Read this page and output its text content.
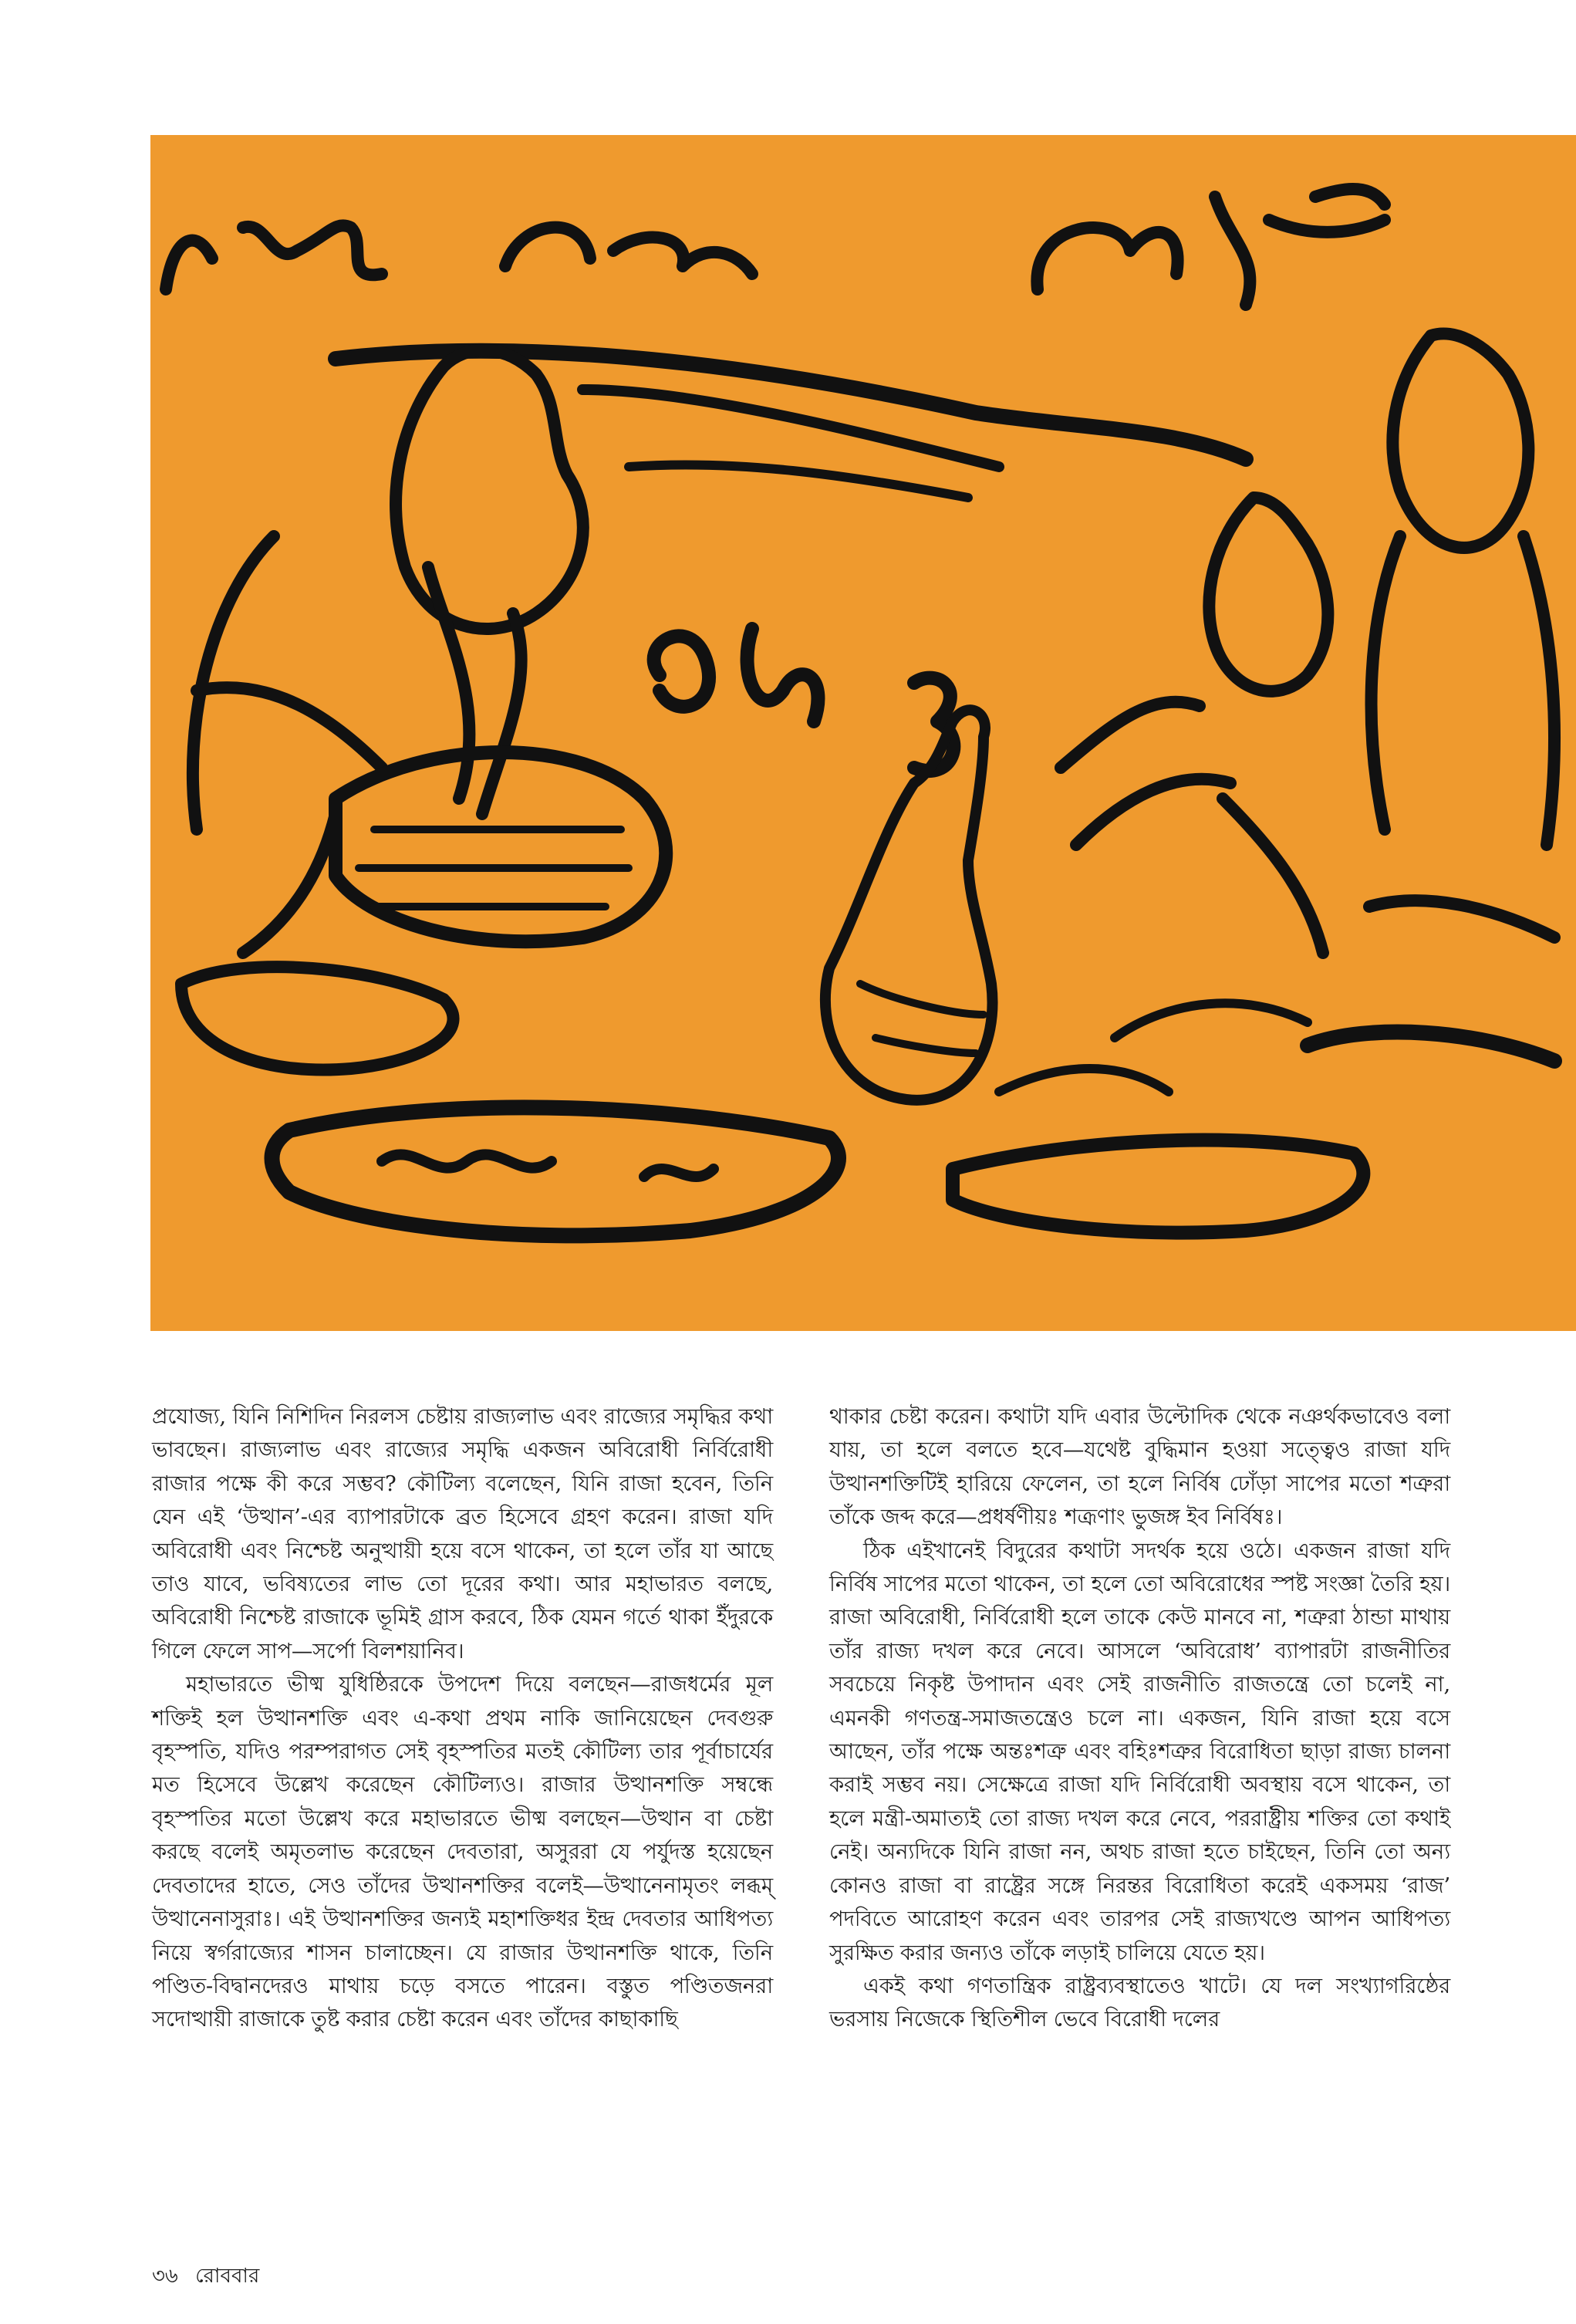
প্রযোজ্য, যিনি নিশিদিন নিরলস চেষ্টায় রাজ্যলাভ এবং রাজ্যের সমৃদ্ধির কথা ভাবছেন। রাজ্যলাভ এবং রাজ্যের সমৃদ্ধি একজন অবিরোধী নির্বিরোধী রাজার পক্ষে কী করে সম্ভব? কৌটিল্য বলেছেন, যিনি রাজা হবেন, তিনি যেন এই ‘উত্থান’-এর ব্যাপারটাকে ব্রত হিসেবে গ্রহণ করেন। রাজা যদি অবিরোধী এবং নিশ্চেষ্ট অনুত্থায়ী হয়ে বসে থাকেন, তা হলে তাঁর যা আছে তাও যাবে, ভবিষ্যতের লাভ তো দূরের কথা। আর মহাভারত বলছে, অবিরোধী নিশ্চেষ্ট রাজাকে ভূমিই গ্রাস করবে, ঠিক যেমন গর্তে থাকা ইঁদুরকে গিলে ফেলে সাপ—সর্পো বিলশয়ানিব।

মহাভারতে ভীষ্ম যুধিষ্ঠিরকে উপদেশ দিয়ে বলছেন—রাজধর্মের মূল শক্তিই হল উত্থানশক্তি এবং এ-কথা প্রথম নাকি জানিয়েছেন দেবগুরু বৃহস্পতি, যদিও পরম্পরাগত সেই বৃহস্পতির মতই কৌটিল্য তার পূর্বাচার্যের মত হিসেবে উল্লেখ করেছেন কৌটিল্যও। রাজার উত্থানশক্তি সম্বন্ধে বৃহস্পতির মতো উল্লেখ করে মহাভারতে ভীষ্ম বলছেন—উত্থান বা চেষ্টা করছে বলেই অমৃতলাভ করেছেন দেবতারা, অসুররা যে পর্যুদস্ত হয়েছেন দেবতাদের হাতে, সেও তাঁদের উত্থানশক্তির বলেই—উত্থানেনামৃতং লব্ধম্ উত্থানেনাসুরাঃ। এই উত্থানশক্তির জন্যই মহাশক্তিধর ইন্দ্র দেবতার আধিপত্য নিয়ে স্বর্গরাজ্যের শাসন চালাচ্ছেন। যে রাজার উত্থানশক্তি থাকে, তিনি পণ্ডিত-বিদ্বানদেরও মাথায় চড়ে বসতে পারেন। বস্তুত পণ্ডিতজনরা সদোত্থায়ী রাজাকে তুষ্ট করার চেষ্টা করেন এবং তাঁদের কাছাকাছি

থাকার চেষ্টা করেন। কথাটা যদি এবার উল্টোদিক থেকে নঞর্থকভাবেও বলা যায়, তা হলে বলতে হবে—যথেষ্ট বুদ্ধিমান হওয়া সত্ত্বেও রাজা যদি উত্থানশক্তিটিই হারিয়ে ফেলেন, তা হলে নির্বিষ ঢোঁড়া সাপের মতো শত্রুরা তাঁকে জব্দ করে—প্রধর্ষণীয়ঃ শত্রূণাং ভুজঙ্গ ইব নির্বিষঃ।

ঠিক এইখানেই বিদুরের কথাটা সদর্থক হয়ে ওঠে। একজন রাজা যদি নির্বিষ সাপের মতো থাকেন, তা হলে তো অবিরোধের স্পষ্ট সংজ্ঞা তৈরি হয়। রাজা অবিরোধী, নির্বিরোধী হলে তাকে কেউ মানবে না, শত্রুরা ঠান্ডা মাথায় তাঁর রাজ্য দখল করে নেবে। আসলে ‘অবিরোধ’ ব্যাপারটা রাজনীতির সবচেয়ে নিকৃষ্ট উপাদান এবং সেই রাজনীতি রাজতন্ত্রে তো চলেই না, এমনকী গণতন্ত্র-সমাজতন্ত্রেও চলে না। একজন, যিনি রাজা হয়ে বসে আছেন, তাঁর পক্ষে অন্তঃশত্রু এবং বহিঃশত্রুর বিরোধিতা ছাড়া রাজ্য চালনা করাই সম্ভব নয়। সেক্ষেত্রে রাজা যদি নির্বিরোধী অবস্থায় বসে থাকেন, তা হলে মন্ত্রী-অমাত্যই তো রাজ্য দখল করে নেবে, পররাষ্ট্রীয় শক্তির তো কথাই নেই। অন্যদিকে যিনি রাজা নন, অথচ রাজা হতে চাইছেন, তিনি তো অন্য কোনও রাজা বা রাষ্ট্রের সঙ্গে নিরন্তর বিরোধিতা করেই একসময় ‘রাজ’ পদবিতে আরোহণ করেন এবং তারপর সেই রাজ্যখণ্ডে আপন আধিপত্য সুরক্ষিত করার জন্যও তাঁকে লড়াই চালিয়ে যেতে হয়।

একই কথা গণতান্ত্রিক রাষ্ট্রব্যবস্থাতেও খাটে। যে দল সংখ্যাগরিষ্ঠের ভরসায় নিজেকে স্থিতিশীল ভেবে বিরোধী দলের

৩৬ রোববার
